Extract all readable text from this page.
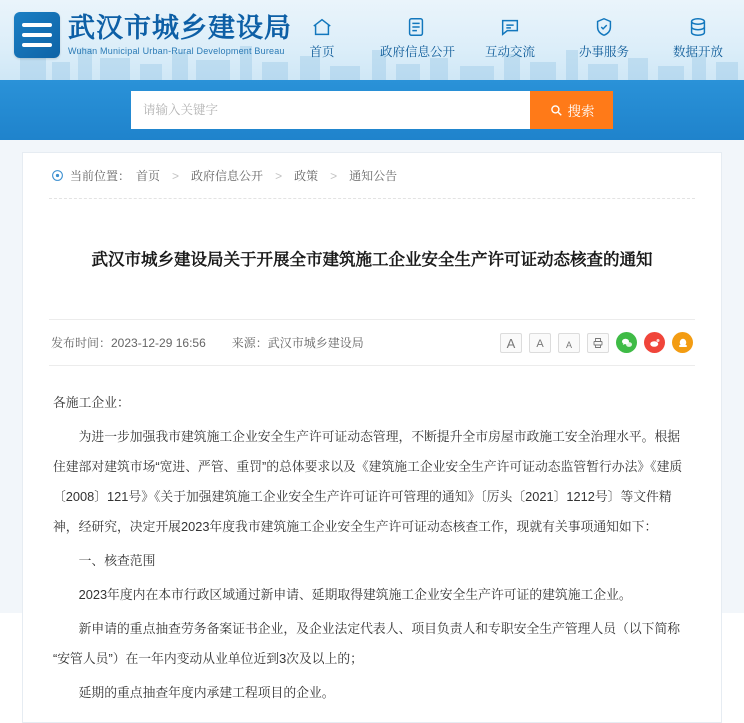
武汉市城乡建设局
Wuhan Municipal Urban-Rural Development Bureau	首页	政府信息公开	互动交流	办事服务	数据开放
请输入关键字
搜索
当前位置： 首页 > 政府信息公开 > 政策 > 通知公告
武汉市城乡建设局关于开展全市建筑施工企业安全生产许可证动态核查的通知
发布时间：2023-12-29 16:56 来源：武汉市城乡建设局	A	A	A

各施工企业：

为进一步加强我市建筑施工企业安全生产许可证动态管理，不断提升全市房屋市政施工安全治理水平。根据住建部对建筑市场“宽进、严管、重罚”的总体要求以及《建筑施工企业安全生产许可证动态监管暂行办法》《建质〔2008〕121号》《关于加强建筑施工企业安全生产许可证许可管理的通知》〔厉头〔2021〕1212号〕等文件精神，经研究，决定开展2023年度我市建筑施工企业安全生产许可证动态核查工作，现就有关事项通知如下：

一、核查范围

2023年度内在本市行政区域通过新申请、延期取得建筑施工企业安全生产许可证的建筑施工企业。

新申请的重点抽查劳务备案证书企业，及企业法定代表人、项目负责人和专职安全生产管理人员（以下简称“安管人员”）在一年内变动从业单位近到3次及以上的；

延期的重点抽查年度内承建工程项目的企业。
